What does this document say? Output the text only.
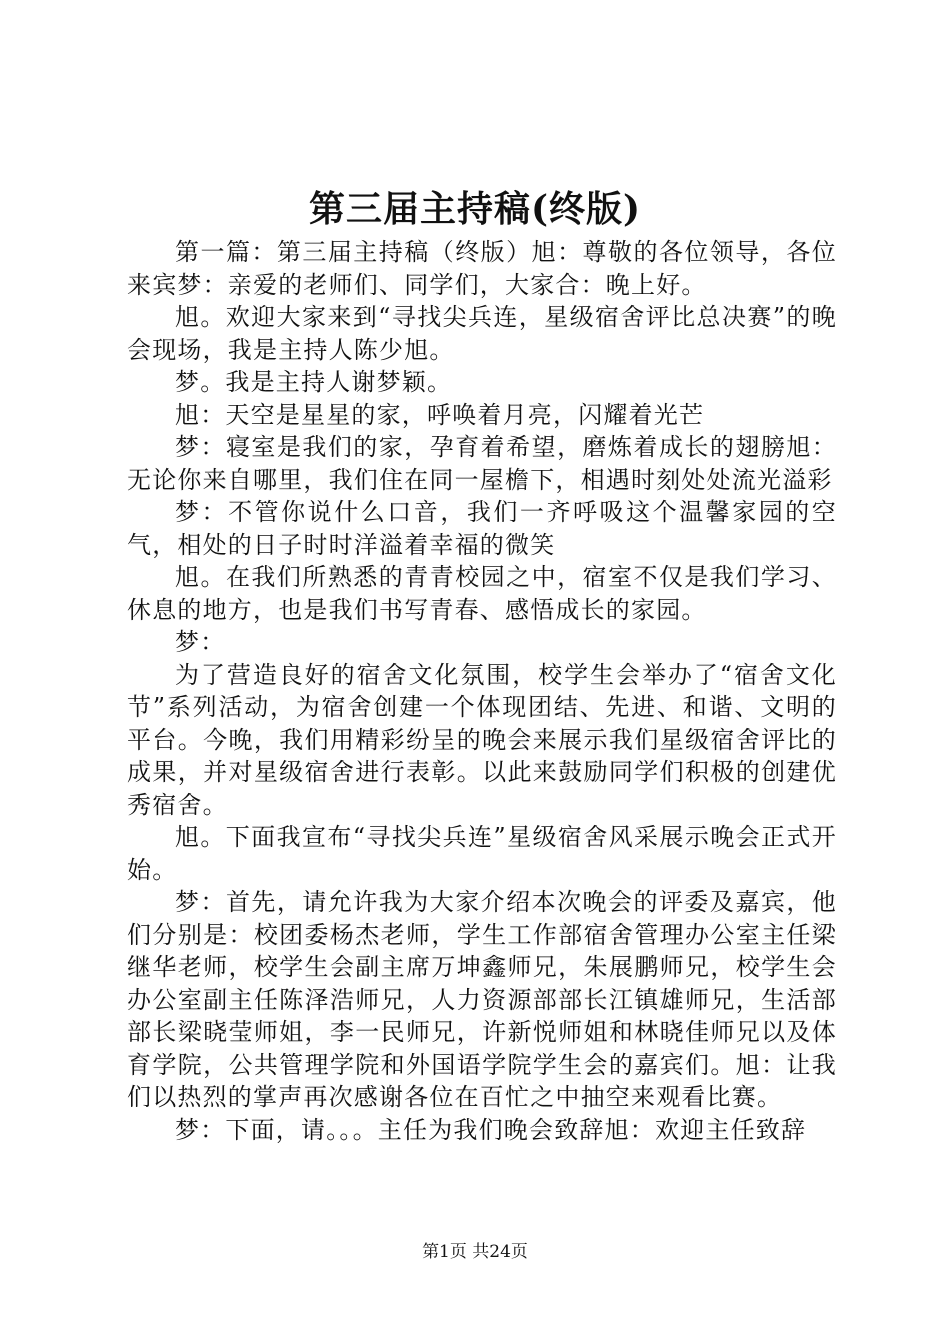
第三届主持稿(终版)

第一篇：第三届主持稿（终版）旭：尊敬的各位领导，各位来宾梦：亲爱的老师们、同学们，大家合：晚上好。

旭。欢迎大家来到“寻找尖兵连，星级宿舍评比总决赛”的晚会现场，我是主持人陈少旭。

梦。我是主持人谢梦颖。

旭：天空是星星的家，呼唤着月亮，闪耀着光芒

梦：寝室是我们的家，孕育着希望，磨炼着成长的翅膀旭：无论你来自哪里，我们住在同一屋檐下，相遇时刻处处流光溢彩

梦：不管你说什么口音，我们一齐呼吸这个温馨家园的空气，相处的日子时时洋溢着幸福的微笑

旭。在我们所熟悉的青青校园之中，宿室不仅是我们学习、休息的地方，也是我们书写青春、感悟成长的家园。

梦：

为了营造良好的宿舍文化氛围，校学生会举办了“宿舍文化节”系列活动，为宿舍创建一个体现团结、先进、和谐、文明的平台。今晚，我们用精彩纷呈的晚会来展示我们星级宿舍评比的成果，并对星级宿舍进行表彰。以此来鼓励同学们积极的创建优秀宿舍。

旭。下面我宣布“寻找尖兵连”星级宿舍风采展示晚会正式开始。

梦：首先，请允许我为大家介绍本次晚会的评委及嘉宾，他们分别是：校团委杨杰老师，学生工作部宿舍管理办公室主任梁继华老师，校学生会副主席万坤鑫师兄，朱展鹏师兄，校学生会办公室副主任陈泽浩师兄，人力资源部部长江镇雄师兄，生活部部长梁晓莹师姐，李一民师兄，许新悦师姐和林晓佳师兄以及体育学院，公共管理学院和外国语学院学生会的嘉宾们。旭：让我们以热烈的掌声再次感谢各位在百忙之中抽空来观看比赛。

梦：下面，请。。。主任为我们晚会致辞旭：欢迎主任致辞

第1页 共24页
